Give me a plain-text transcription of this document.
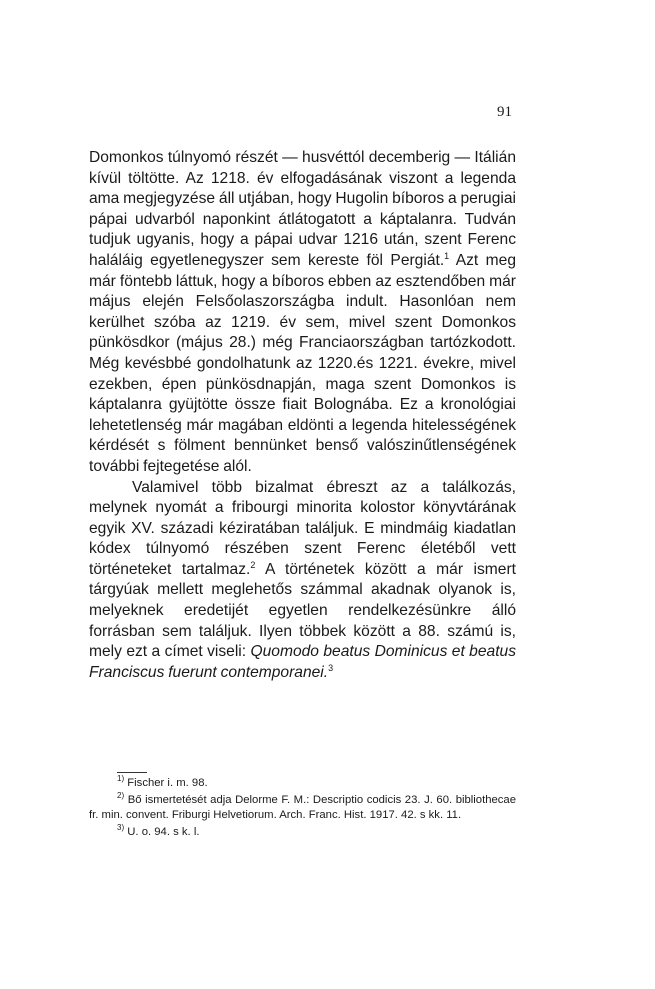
91

Domonkos túlnyomó részét — husvéttól decemberig — Itálián kívül töltötte. Az 1218. év elfogadásának viszont a legenda ama megjegyzése áll utjában, hogy Hugolin bíboros a perugiai pápai udvarból naponkint átlátogatott a káptalanra. Tudván tudjuk ugyanis, hogy a pápai udvar 1216 után, szent Ferenc haláláig egyetlenegyszer sem kereste föl Pergiát.$^1$ Azt meg már föntebb láttuk, hogy a bíboros ebben az esztendőben már május elején Felsőolaszországba indult. Hasonlóan nem kerülhet szóba az 1219. év sem, mivel szent Domonkos pünkösdkor (május 28.) még Franciaországban tartózkodott. Még kevésbbé gondolhatunk az 1220.és 1221. évekre, mivel ezekben, épen pünkösdnapján, maga szent Domonkos is káptalanra gyüjtötte össze fiait Bolognába. Ez a kronológiai lehetetlenség már magában eldönti a legenda hitelességének kérdését s fölment bennünket benső valószinűtlenségének további fejtegetése alól.

Valamivel több bizalmat ébreszt az a találkozás, melynek nyomát a fribourgi minorita kolostor könyvtárának egyik XV. századi kéziratában találjuk. E mindmáig kiadatlan kódex túlnyomó részében szent Ferenc életéből vett történeteket tartalmaz.$^2$ A történetek között a már ismert tárgyúak mellett meglehetős számmal akadnak olyanok is, melyeknek eredetijét egyetlen rendelkezésünkre álló forrásban sem találjuk. Ilyen többek között a 88. számú is, mely ezt a címet viseli: Quomodo beatus Dominicus et beatus Franciscus fuerunt contemporanei.$^3$

$^{1)}$ Fischer i. m. 98.

$^{2)}$ Bő ismertetését adja Delorme F. M.: Descriptio codicis 23. J. 60. bibliothecae fr. min. convent. Friburgi Helvetiorum. Arch. Franc. Hist. 1917. 42. s kk. 11.

$^{3)}$ U. o. 94. s k. l.
